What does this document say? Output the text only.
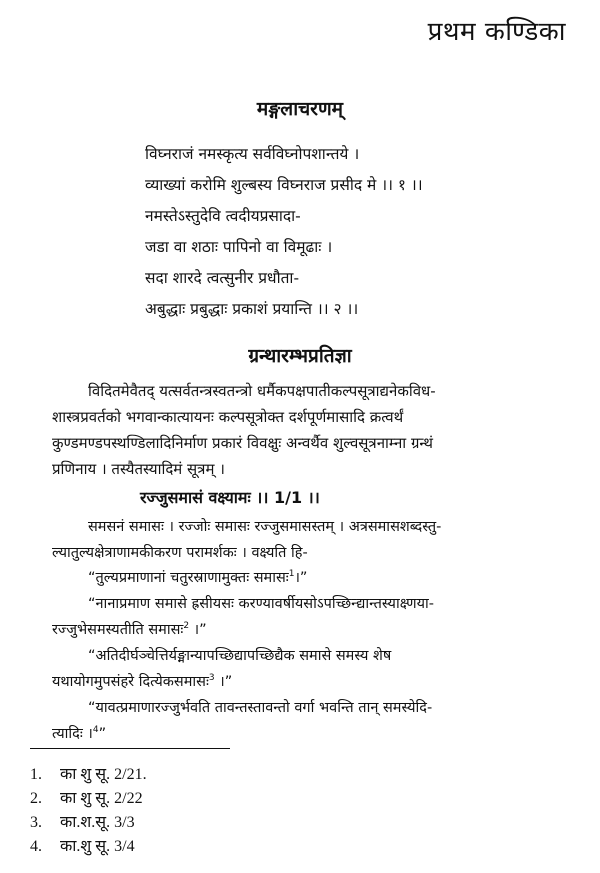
प्रथम कण्डिका
मङ्गलाचरणम्
विघ्नराजं नमस्कृत्य सर्वविघ्नोपशान्तये ।
व्याख्यां करोमि शुल्बस्य विघ्नराज प्रसीद मे ।। १ ।।
नमस्तेऽस्तुदेवि त्वदीयप्रसादा-
जडा वा शठाः पापिनो वा विमूढाः ।
सदा शारदे त्वत्सुनीर प्रधौता-
अबुद्धाः प्रबुद्धाः प्रकाशं प्रयान्ति ।। २ ।।
ग्रन्थारम्भप्रतिज्ञा
विदितमेवैतद् यत्सर्वतन्त्रस्वतन्त्रो धर्मैकपक्षपातीकल्पसूत्राद्यनेकविध-
शास्त्रप्रवर्तको भगवान्कात्यायनः कल्पसूत्रोक्त दर्शपूर्णमासादि क्रत्वर्थं
कुण्डमण्डपस्थण्डिलादिनिर्माण प्रकारं विवक्षुः अन्वर्थैव शुल्वसूत्रनाम्ना ग्रन्थं
प्रणिनाय । तस्यैतस्यादिमं सूत्रम् ।
रज्जुसमासं वक्ष्यामः ।। 1/1 ।।
समसनं समासः । रज्जोः समासः रज्जुसमासस्तम् । अत्रसमासशब्दस्तु-
ल्यातुल्यक्षेत्राणामकीकरण परामर्शकः । वक्ष्यति हि-
“तुल्यप्रमाणानां चतुरस्राणामुक्तः समासः$^1$।”
“नानाप्रमाण समासे ह्रसीयसः करण्यावर्षीयसोऽपच्छिन्द्यान्तस्याक्ष्णया-
रज्जुभेसमस्यतीति समासः$^2$ ।”
“अतिदीर्घञ्चेत्तिर्यङ्मान्यापच्छिद्यापच्छिद्यैक समासे समस्य शेष
यथायोगमुपसंहरे दित्येकसमासः$^3$ ।”
“यावत्प्रमाणारज्जुर्भवति तावन्तस्तावन्तो वर्गा भवन्ति तान् समस्येदि-
त्यादिः ।$^4$”
1. का शु सू. 2/21.
2. का शु सू. 2/22
3. का.श.सू. 3/3
4. का.शु सू. 3/4
